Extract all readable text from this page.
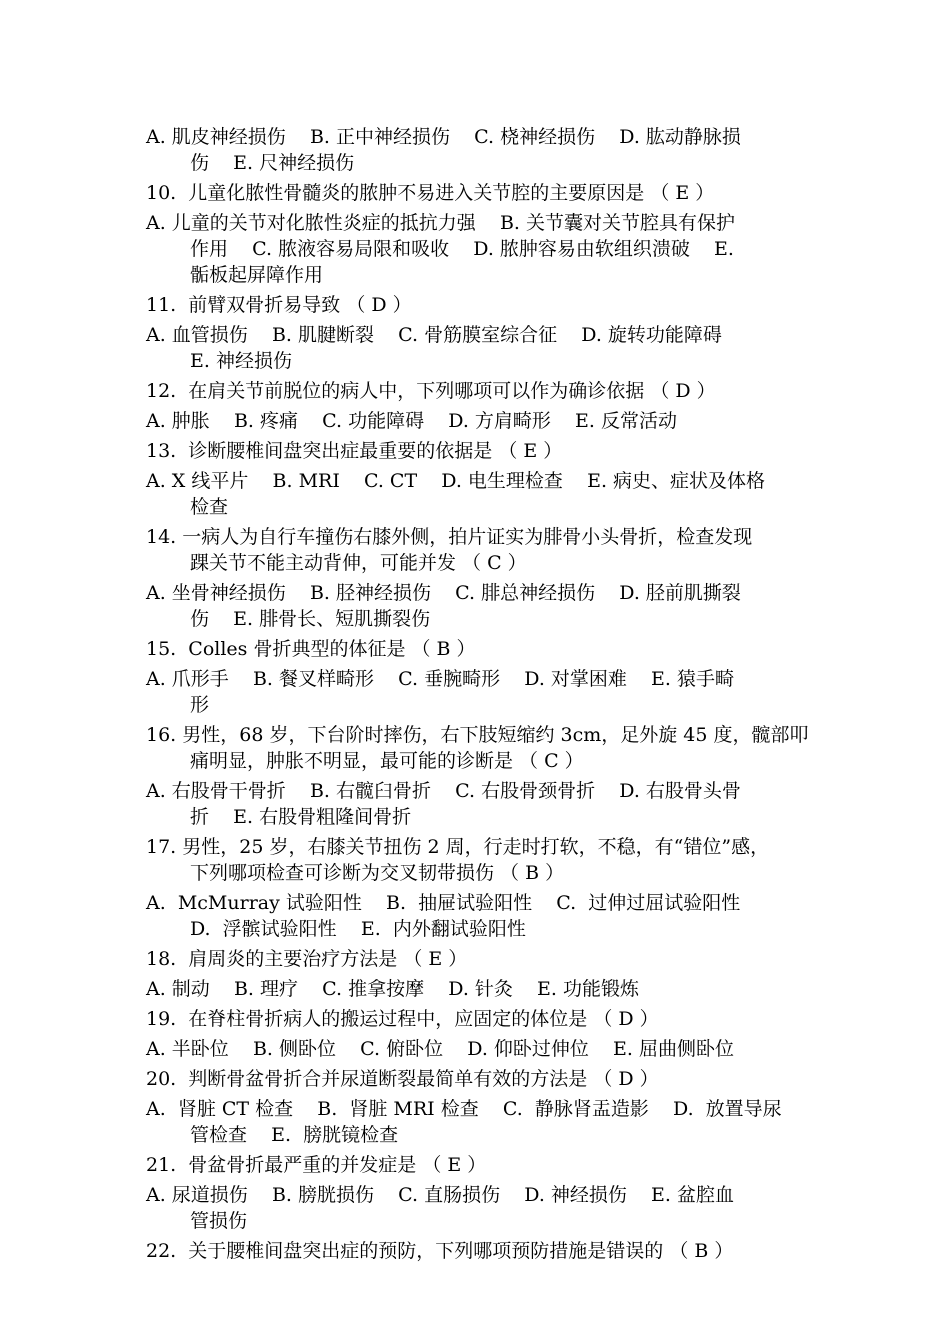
A. 肌皮神经损伤    B. 正中神经损伤    C. 桡神经损伤    D. 肱动静脉损
伤    E. 尺神经损伤
10.  儿童化脓性骨髓炎的脓肿不易进入关节腔的主要原因是 （ E ）
A. 儿童的关节对化脓性炎症的抵抗力强    B. 关节囊对关节腔具有保护
作用    C. 脓液容易局限和吸收    D. 脓肿容易由软组织溃破    E.
骺板起屏障作用
11.  前臂双骨折易导致 （ D ）
A. 血管损伤    B. 肌腱断裂    C. 骨筋膜室综合征    D. 旋转功能障碍
E. 神经损伤
12.  在肩关节前脱位的病人中，下列哪项可以作为确诊依据 （ D ）
A. 肿胀    B. 疼痛    C. 功能障碍    D. 方肩畸形    E. 反常活动
13.  诊断腰椎间盘突出症最重要的依据是 （ E ）
A. X 线平片    B. MRI    C. CT    D. 电生理检查    E. 病史、症状及体格
检查
14. 一病人为自行车撞伤右膝外侧，拍片证实为腓骨小头骨折，检查发现
踝关节不能主动背伸，可能并发 （ C ）
A. 坐骨神经损伤    B. 胫神经损伤    C. 腓总神经损伤    D. 胫前肌撕裂
伤    E. 腓骨长、短肌撕裂伤
15.  Colles 骨折典型的体征是 （ B ）
A. 爪形手    B. 餐叉样畸形    C. 垂腕畸形    D. 对掌困难    E. 猿手畸
形
16. 男性，68 岁，下台阶时摔伤，右下肢短缩约 3cm，足外旋 45 度，髋部叩
痛明显，肿胀不明显，最可能的诊断是 （ C ）
A. 右股骨干骨折    B. 右髋臼骨折    C. 右股骨颈骨折    D. 右股骨头骨
折    E. 右股骨粗隆间骨折
17. 男性，25 岁，右膝关节扭伤 2 周，行走时打软，不稳，有“错位”感，
下列哪项检查可诊断为交叉韧带损伤 （ B ）
A.  McMurray 试验阳性    B.  抽屉试验阳性    C.  过伸过屈试验阳性
D.  浮髌试验阳性    E.  内外翻试验阳性
18.  肩周炎的主要治疗方法是 （ E ）
A. 制动    B. 理疗    C. 推拿按摩    D. 针灸    E. 功能锻炼
19.  在脊柱骨折病人的搬运过程中，应固定的体位是 （ D ）
A. 半卧位    B. 侧卧位    C. 俯卧位    D. 仰卧过伸位    E. 屈曲侧卧位
20.  判断骨盆骨折合并尿道断裂最简单有效的方法是 （ D ）
A.  肾脏 CT 检查    B.  肾脏 MRI 检查    C.  静脉肾盂造影    D.  放置导尿
管检查    E.  膀胱镜检查
21.  骨盆骨折最严重的并发症是 （ E ）
A. 尿道损伤    B. 膀胱损伤    C. 直肠损伤    D. 神经损伤    E. 盆腔血
管损伤
22.  关于腰椎间盘突出症的预防，下列哪项预防措施是错误的 （ B ）
